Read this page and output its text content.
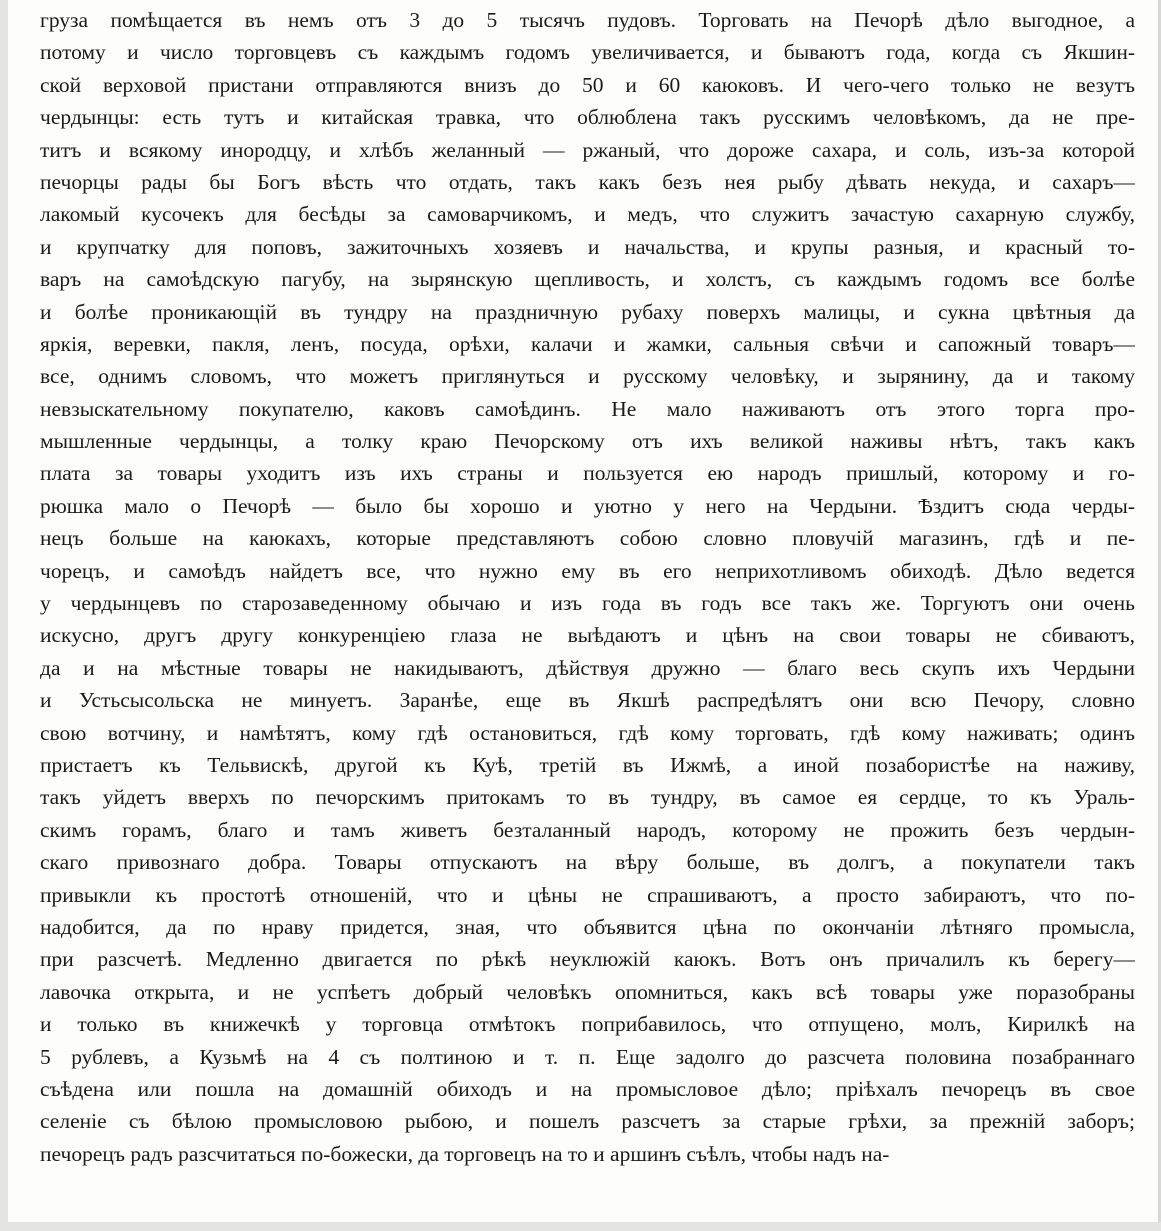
груза помѣщается въ немъ отъ 3 до 5 тысячъ пудовъ. Торговать на Печорѣ дѣло выгодное, а
потому и число торговцевъ съ каждымъ годомъ увеличивается, и бываютъ года, когда съ Якшин-
ской верховой пристани отправляются внизъ до 50 и 60 каюковъ. И чего-чего только не везутъ
чердынцы: есть тутъ и китайская травка, что облюблена такъ русскимъ человѣкомъ, да не пре-
титъ и всякому инородцу, и хлѣбъ желанный — ржаный, что дороже сахара, и соль, изъ-за которой
печорцы рады бы Богъ вѣсть что отдать, такъ какъ безъ нея рыбу дѣвать некуда, и сахаръ—
лакомый кусочекъ для бесѣды за самоварчикомъ, и медъ, что служитъ зачастую сахарную службу,
и крупчатку для поповъ, зажиточныхъ хозяевъ и начальства, и крупы разныя, и красный то-
варъ на самоѣдскую пагубу, на зырянскую щепливость, и холстъ, съ каждымъ годомъ все болѣе
и болѣе проникающій въ тундру на праздничную рубаху поверхъ малицы, и сукна цвѣтныя да
яркія, веревки, пакля, ленъ, посуда, орѣхи, калачи и жамки, сальныя свѣчи и сапожный товаръ—
все, однимъ словомъ, что можетъ приглянуться и русскому человѣку, и зырянину, да и такому
невзыскательному покупателю, каковъ самоѣдинъ. Не мало наживаютъ отъ этого торга про-
мышленные чердынцы, а толку краю Печорскому отъ ихъ великой наживы нѣтъ, такъ какъ
плата за товары уходитъ изъ ихъ страны и пользуется ею народъ пришлый, которому и го-
рюшка мало о Печорѣ — было бы хорошо и уютно у него на Чердыни. Ѣздитъ сюда черды-
нецъ больше на каюкахъ, которые представляютъ собою словно пловучій магазинъ, гдѣ и пе-
чорецъ, и самоѣдъ найдетъ все, что нужно ему въ его неприхотливомъ обиходѣ. Дѣло ведется
у чердынцевъ по старозаведенному обычаю и изъ года въ годъ все такъ же. Торгуютъ они очень
искусно, другъ другу конкуренціею глаза не выѣдаютъ и цѣнъ на свои товары не сбиваютъ,
да и на мѣстные товары не накидываютъ, дѣйствуя дружно — благо весь скупъ ихъ Чердыни
и Устьсысольска не минуетъ. Заранѣе, еще въ Якшѣ распредѣлятъ они всю Печору, словно
свою вотчину, и намѣтятъ, кому гдѣ остановиться, гдѣ кому торговать, гдѣ кому наживать; одинъ
пристаетъ къ Тельвискѣ, другой къ Куѣ, третій въ Ижмѣ, а иной позабористѣе на наживу,
такъ уйдетъ вверхъ по печорскимъ притокамъ то въ тундру, въ самое ея сердце, то къ Ураль-
скимъ горамъ, благо и тамъ живетъ безталанный народъ, которому не прожить безъ чердын-
скаго привознаго добра. Товары отпускаютъ на вѣру больше, въ долгъ, а покупатели такъ
привыкли къ простотѣ отношеній, что и цѣны не спрашиваютъ, а просто забираютъ, что по-
надобится, да по нраву придется, зная, что объявится цѣна по окончаніи лѣтняго промысла,
при разсчетѣ. Медленно двигается по рѣкѣ неуклюжій каюкъ. Вотъ онъ причалилъ къ берегу—
лавочка открыта, и не успѣетъ добрый человѣкъ опомниться, какъ всѣ товары уже поразобраны
и только въ книжечкѣ у торговца отмѣтокъ поприбавилось, что отпущено, молъ, Кирилкѣ на
5 рублевъ, а Кузьмѣ на 4 съ полтиною и т. п. Еще задолго до разсчета половина позабраннаго
съѣдена или пошла на домашній обиходъ и на промысловое дѣло; пріѣхалъ печорецъ въ свое
селеніе съ бѣлою промысловою рыбою, и пошелъ разсчетъ за старые грѣхи, за прежній заборъ;
печорецъ радъ разсчитаться по-божески, да торговецъ на то и аршинъ съѣлъ, чтобы надъ на-
